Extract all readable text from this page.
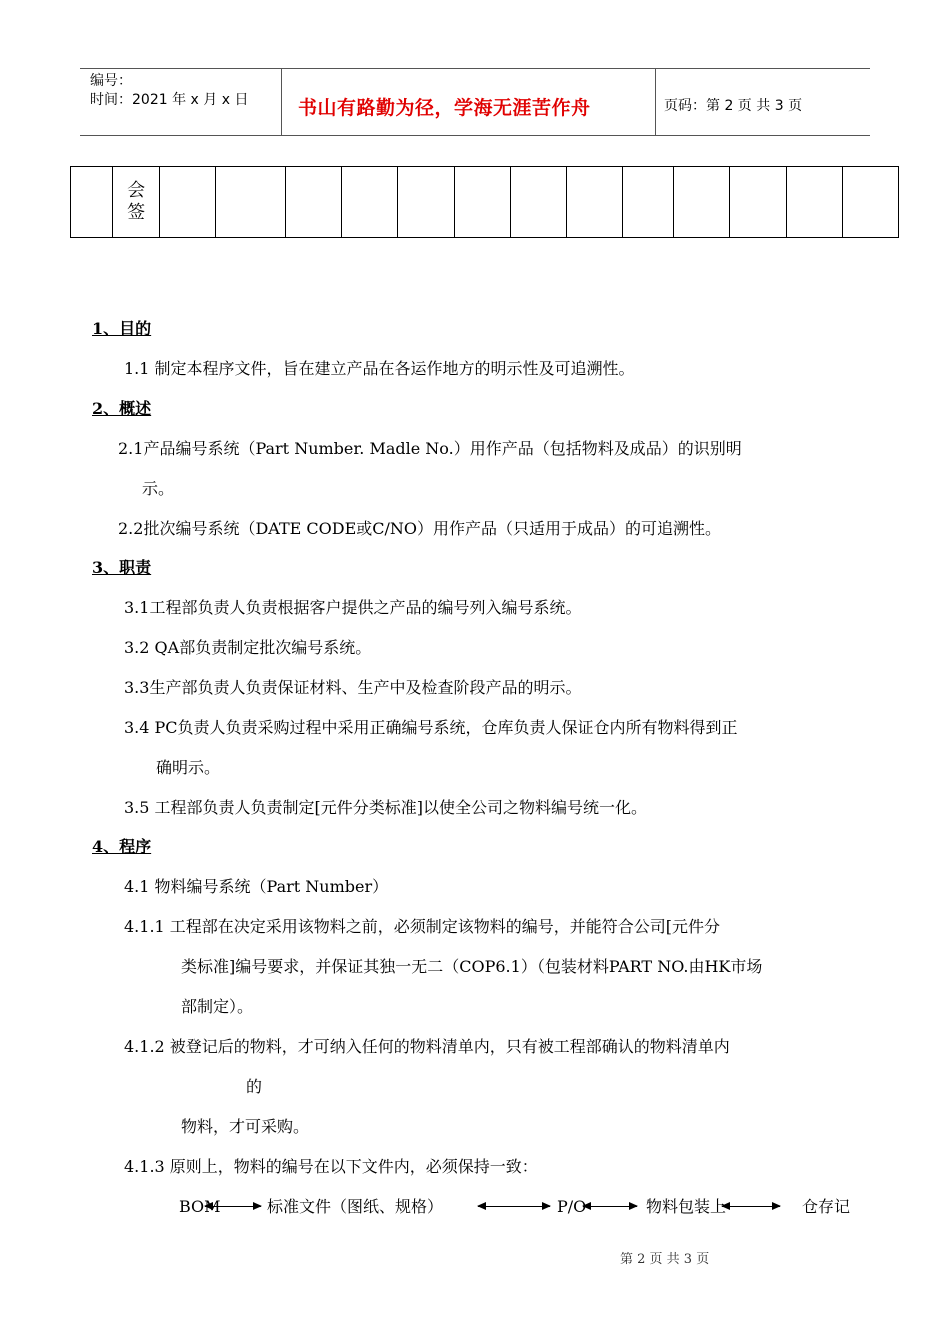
编号：
时间：2021 年 x 月 x 日	书山有路勤为径，学海无涯苦作舟	页码：第 2 页 共 3 页

会
签

1、目的
1.1 制定本程序文件，旨在建立产品在各运作地方的明示性及可追溯性。
2、概述
2.1产品编号系统（Part Number. Madle No.）用作产品（包括物料及成品）的识别明
示。
2.2批次编号系统（DATE CODE或C/NO）用作产品（只适用于成品）的可追溯性。
3、职责
3.1工程部负责人负责根据客户提供之产品的编号列入编号系统。
3.2 QA部负责制定批次编号系统。
3.3生产部负责人负责保证材料、生产中及检查阶段产品的明示。
3.4 PC负责人负责采购过程中采用正确编号系统，仓库负责人保证仓内所有物料得到正
确明示。
3.5 工程部负责人负责制定[元件分类标准]以使全公司之物料编号统一化。
4、程序
4.1 物料编号系统（Part Number）
4.1.1 工程部在决定采用该物料之前，必须制定该物料的编号，并能符合公司[元件分
类标准]编号要求，并保证其独一无二（COP6.1）（包装材料PART NO.由HK市场
部制定）。
4.1.2 被登记后的物料，才可纳入任何的物料清单内，只有被工程部确认的物料清单内
的
物料，才可采购。
4.1.3 原则上，物料的编号在以下文件内，必须保持一致：
BOM	标准文件（图纸、规格）	P/O	物料包装上	仓存记
第 2 页 共 3 页
